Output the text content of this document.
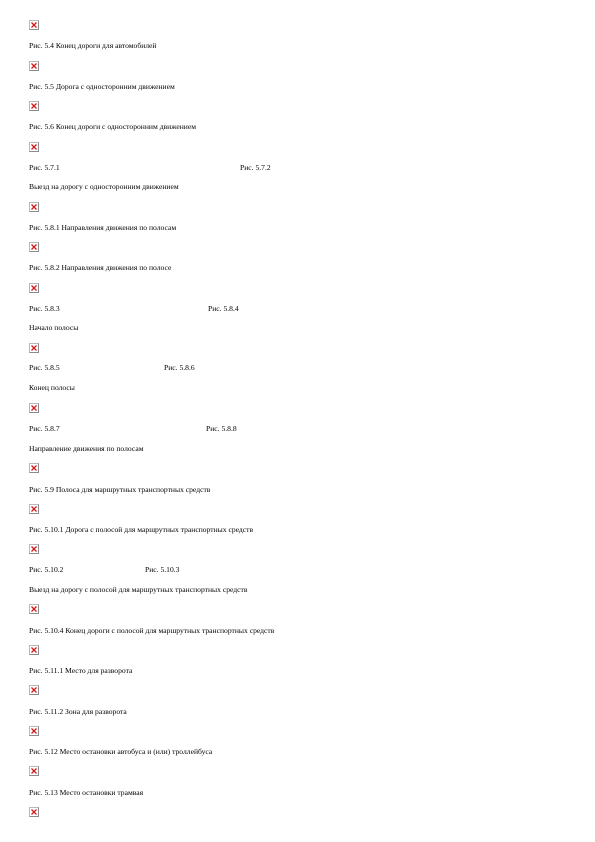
Рис. 5.4 Конец дороги для автомобилей
Рис. 5.5 Дорога с односторонним движением
Рис. 5.6 Конец дороги с односторонним движением
Рис. 5.7.1	Рис. 5.7.2
Выезд на дорогу с односторонним движением
Рис. 5.8.1 Направления движения по полосам
Рис. 5.8.2 Направления движения по полосе
Рис. 5.8.3	Рис. 5.8.4
Начало полосы
Рис. 5.8.5	Рис. 5.8.6
Конец полосы
Рис. 5.8.7	Рис. 5.8.8
Направление движения по полосам
Рис. 5.9 Полоса для маршрутных транспортных средств
Рис. 5.10.1 Дорога с полосой для маршрутных транспортных средств
Рис. 5.10.2	Рис. 5.10.3
Выезд на дорогу с полосой для маршрутных транспортных средств
Рис. 5.10.4 Конец дороги с полосой для маршрутных транспортных средств
Рис. 5.11.1 Место для разворота
Рис. 5.11.2 Зона для разворота
Рис. 5.12 Место остановки автобуса и (или) троллейбуса
Рис. 5.13 Место остановки трамвая
